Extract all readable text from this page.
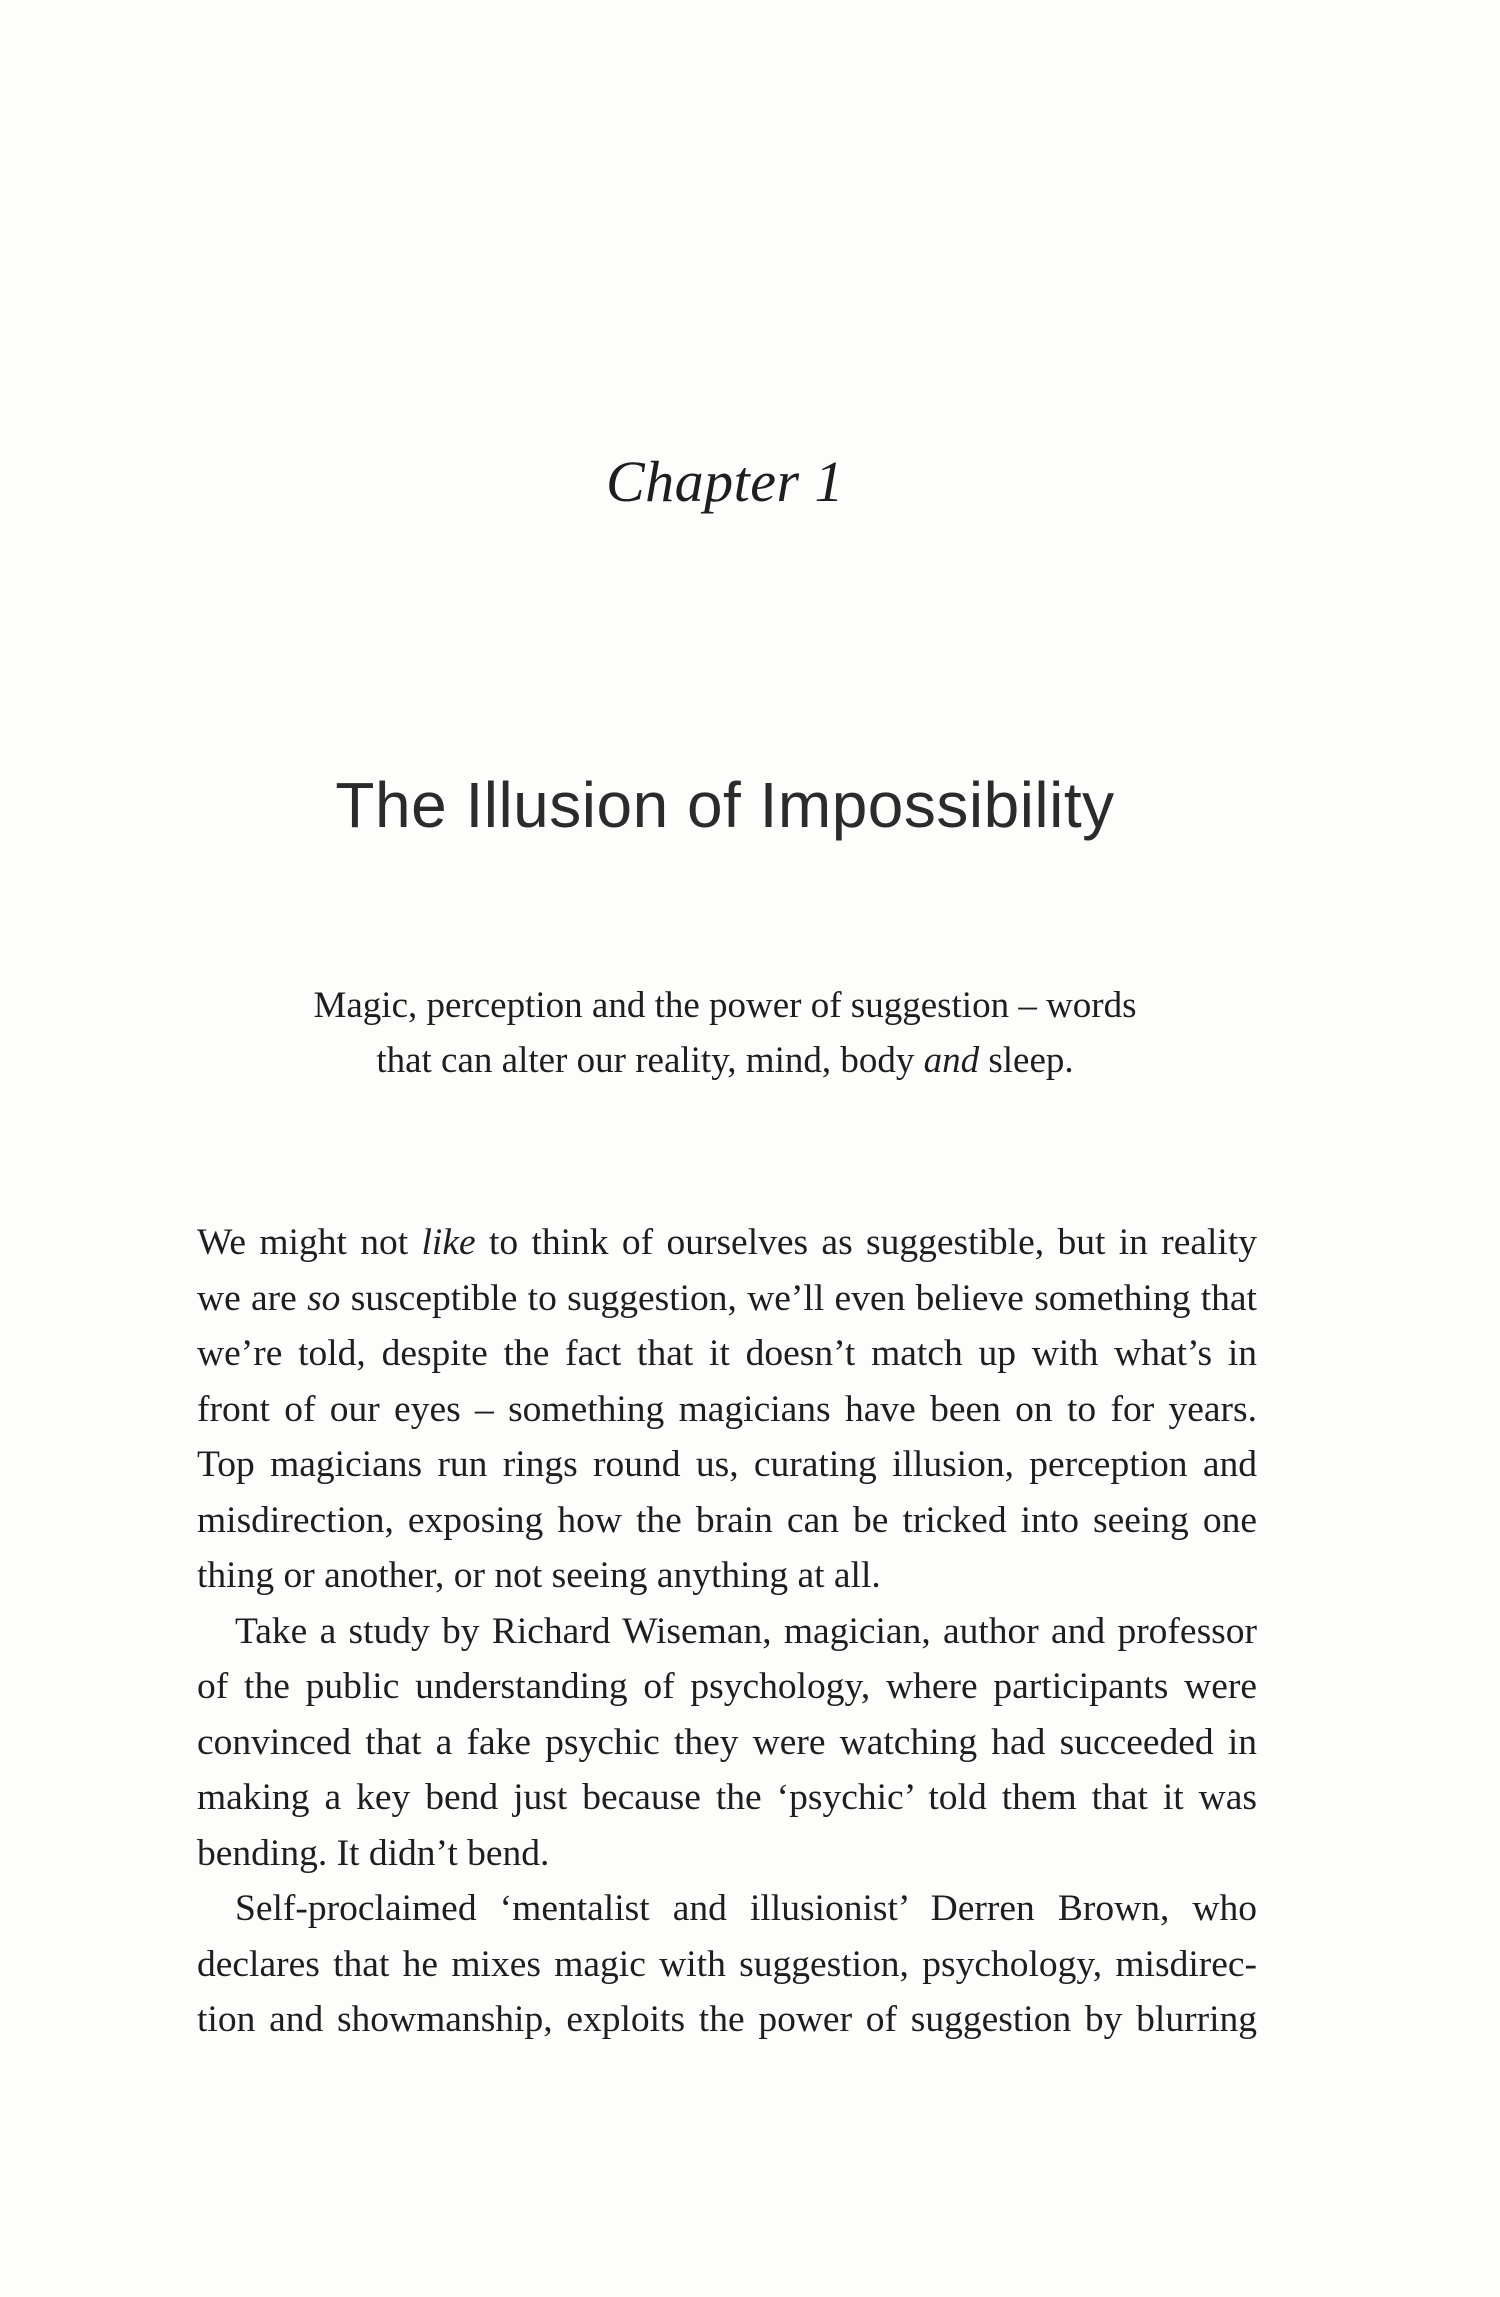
Chapter 1
The Illusion of Impossibility

Magic, perception and the power of suggestion – words

that can alter our reality, mind, body and sleep.

We might not like to think of ourselves as suggestible, but in reality
we are so susceptible to suggestion, we’ll even believe something that
we’re told, despite the fact that it doesn’t match up with what’s in
front of our eyes – something magicians have been on to for years.
Top magicians run rings round us, curating illusion, perception and
misdirection, exposing how the brain can be tricked into seeing one
thing or another, or not seeing anything at all.

Take a study by Richard Wiseman, magician, author and professor
of the public understanding of psychology, where participants were
convinced that a fake psychic they were watching had succeeded in
making a key bend just because the ‘psychic’ told them that it was
bending. It didn’t bend.

Self-proclaimed ‘mentalist and illusionist’ Derren Brown, who
declares that he mixes magic with suggestion, psychology, misdirec-
tion and showmanship, exploits the power of suggestion by blurring
